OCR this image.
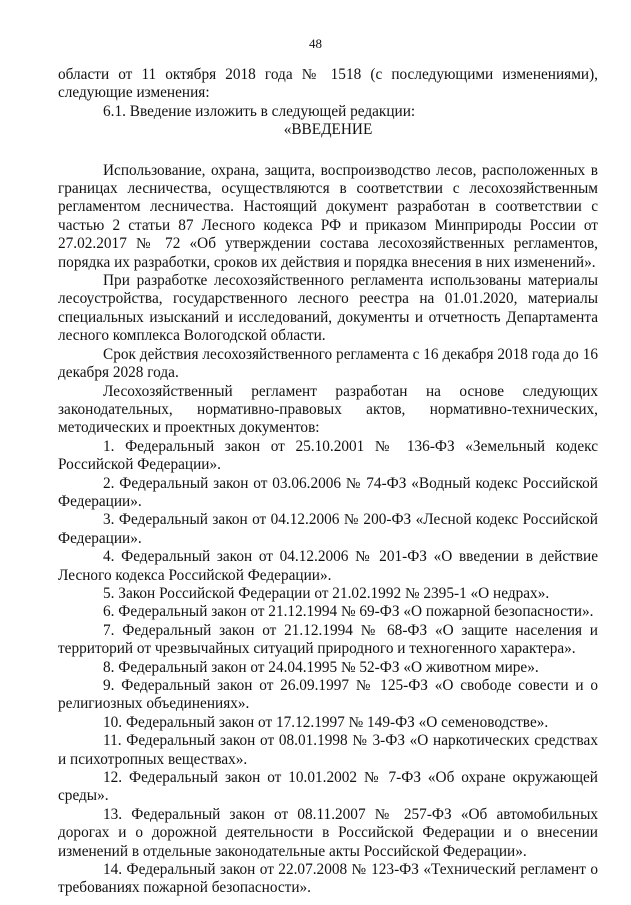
48

области от 11 октября 2018 года № 1518 (с последующими изменениями), следующие изменения:

6.1. Введение изложить в следующей редакции:

«ВВЕДЕНИЕ

Использование, охрана, защита, воспроизводство лесов, расположенных в границах лесничества, осуществляются в соответствии с лесохозяйственным регламентом лесничества. Настоящий документ разработан в соответствии с частью 2 статьи 87 Лесного кодекса РФ и приказом Минприроды России от 27.02.2017 № 72 «Об утверждении состава лесохозяйственных регламентов, порядка их разработки, сроков их действия и порядка внесения в них изменений».

При разработке лесохозяйственного регламента использованы материалы лесоустройства, государственного лесного реестра на 01.01.2020, материалы специальных изысканий и исследований, документы и отчетность Департамента лесного комплекса Вологодской области.

Срок действия лесохозяйственного регламента с 16 декабря 2018 года до 16 декабря 2028 года.

Лесохозяйственный регламент разработан на основе следующих законодательных, нормативно-правовых актов, нормативно-технических, методических и проектных документов:

1. Федеральный закон от 25.10.2001 № 136-ФЗ «Земельный кодекс Российской Федерации».

2. Федеральный закон от 03.06.2006 № 74-ФЗ «Водный кодекс Российской Федерации».

3. Федеральный закон от 04.12.2006 № 200-ФЗ «Лесной кодекс Российской Федерации».

4. Федеральный закон от 04.12.2006 № 201-ФЗ «О введении в действие Лесного кодекса Российской Федерации».

5. Закон Российской Федерации от 21.02.1992 № 2395-1 «О недрах».

6. Федеральный закон от 21.12.1994 № 69-ФЗ «О пожарной безопасности».

7. Федеральный закон от 21.12.1994 № 68-ФЗ «О защите населения и территорий от чрезвычайных ситуаций природного и техногенного характера».

8. Федеральный закон от 24.04.1995 № 52-ФЗ «О животном мире».

9. Федеральный закон от 26.09.1997 № 125-ФЗ «О свободе совести и о религиозных объединениях».

10. Федеральный закон от 17.12.1997 № 149-ФЗ «О семеноводстве».

11. Федеральный закон от 08.01.1998 № 3-ФЗ «О наркотических средствах и психотропных веществах».

12. Федеральный закон от 10.01.2002 № 7-ФЗ «Об охране окружающей среды».

13. Федеральный закон от 08.11.2007 № 257-ФЗ «Об автомобильных дорогах и о дорожной деятельности в Российской Федерации и о внесении изменений в отдельные законодательные акты Российской Федерации».

14. Федеральный закон от 22.07.2008 № 123-ФЗ «Технический регламент о требованиях пожарной безопасности».
